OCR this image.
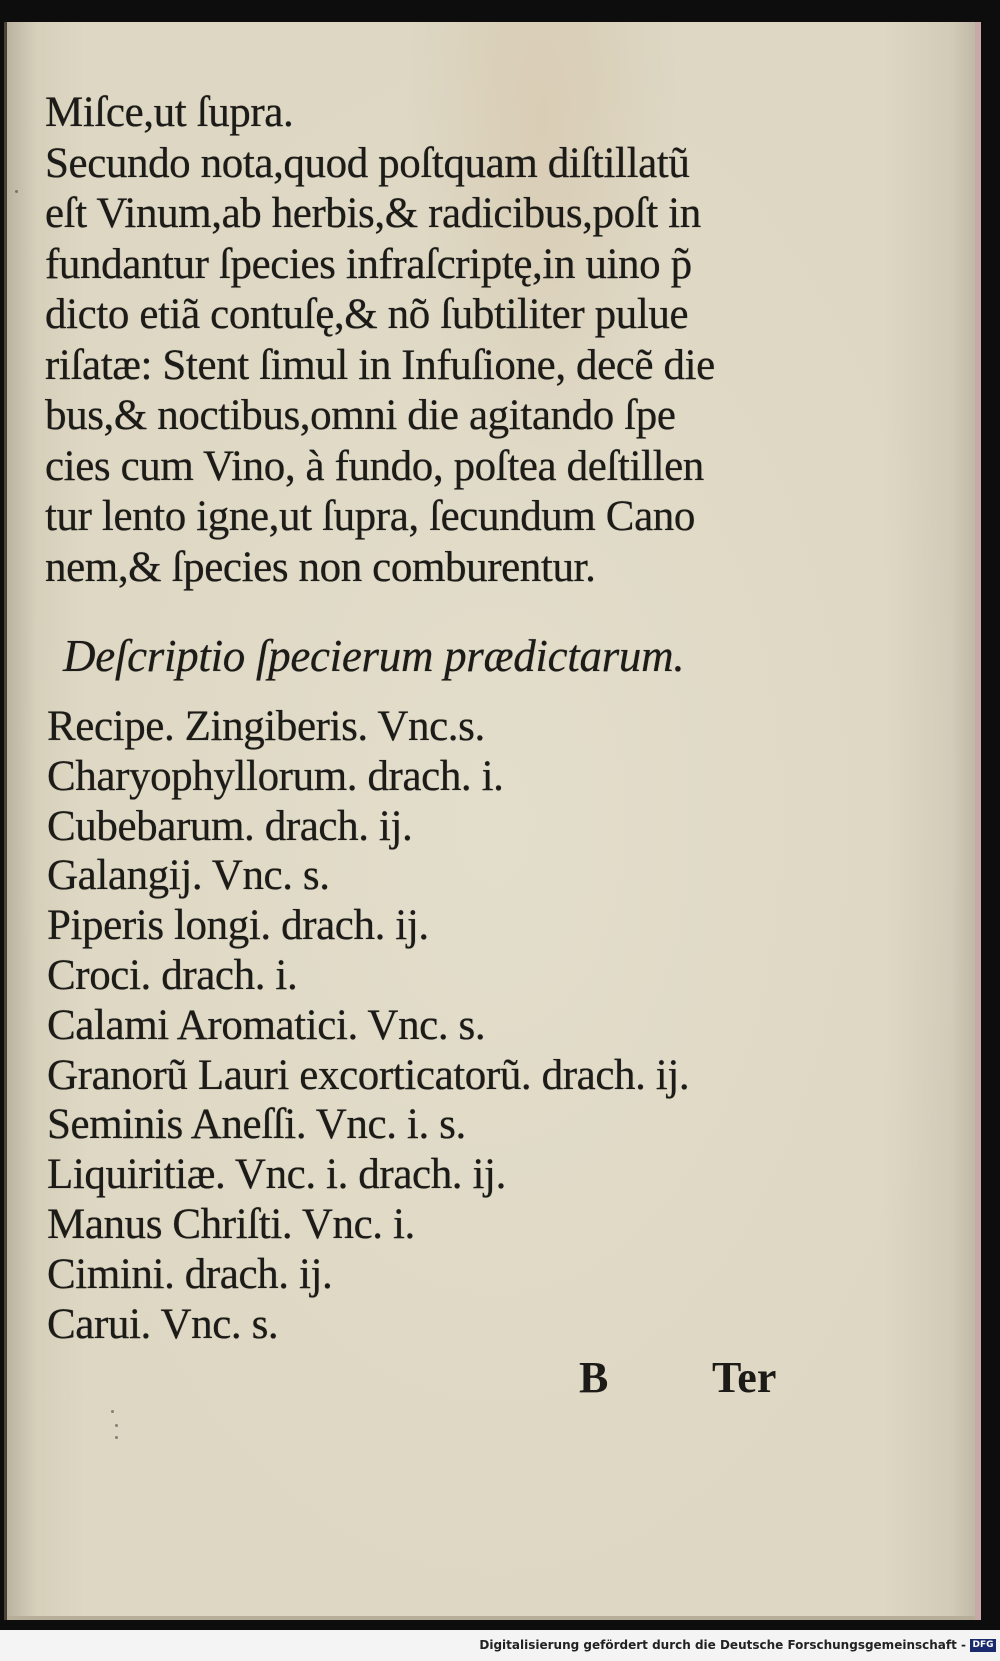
Miſce,ut ſupra.
Secundo nota,quod poſtquam diſtillatũ
eſt Vinum,ab herbis,& radicibus,poſt in
fundantur ſpecies infraſcriptę,in uino p̃
dicto etiã contuſę,& nõ ſubtiliter pulue
riſatæ: Stent ſimul in Infuſione, decẽ die
bus,& noctibus,omni die agitando ſpe
cies cum Vino, à fundo, poſtea deſtillen
tur lento igne,ut ſupra, ſecundum Cano
nem,& ſpecies non comburentur.
Deſcriptio ſpecierum prædictarum.
Recipe. Zingiberis. Vnc.s.
Charyophyllorum. drach. i.
Cubebarum. drach. ij.
Galangij. Vnc. s.
Piperis longi. drach. ij.
Croci. drach. i.
Calami Aromatici. Vnc. s.
Granorũ Lauri excorticatorũ. drach. ij.
Seminis Aneſſi. Vnc. i. s.
Liquiritiæ. Vnc. i. drach. ij.
Manus Chriſti. Vnc. i.
Cimini. drach. ij.
Carui. Vnc. s.
B Ter
Digitalisierung gefördert durch die Deutsche Forschungsgemeinschaft - DFG
